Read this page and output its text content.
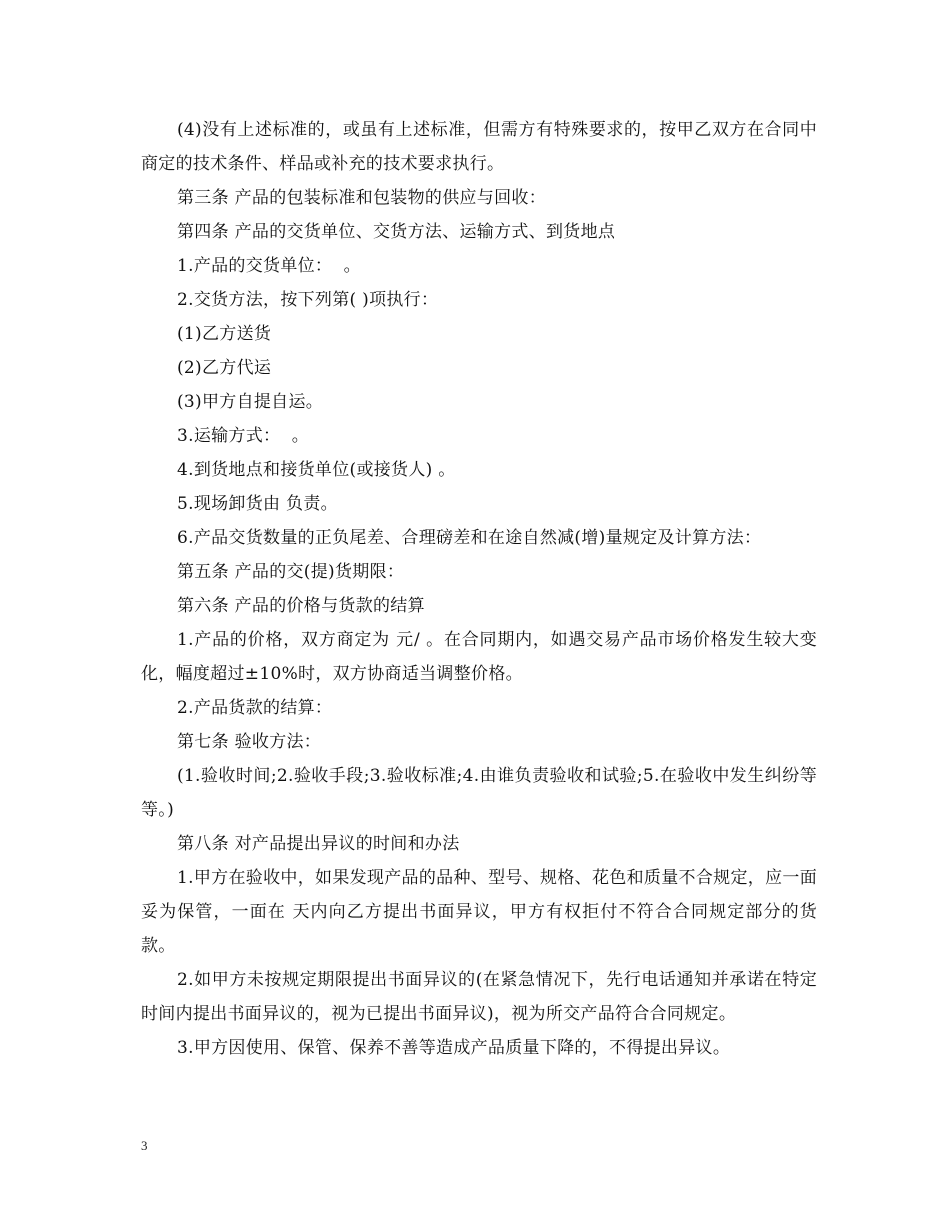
(4)没有上述标准的，或虽有上述标准，但需方有特殊要求的，按甲乙双方在合同中商定的技术条件、样品或补充的技术要求执行。

第三条 产品的包装标准和包装物的供应与回收：

第四条 产品的交货单位、交货方法、运输方式、到货地点

1.产品的交货单位：  。

2.交货方法，按下列第( )项执行：

(1)乙方送货

(2)乙方代运

(3)甲方自提自运。

3.运输方式：  。

4.到货地点和接货单位(或接货人) 。

5.现场卸货由 负责。

6.产品交货数量的正负尾差、合理磅差和在途自然减(增)量规定及计算方法：

第五条 产品的交(提)货期限：

第六条 产品的价格与货款的结算

1.产品的价格，双方商定为 元/ 。在合同期内，如遇交易产品市场价格发生较大变化，幅度超过±10%时，双方协商适当调整价格。

2.产品货款的结算：

第七条 验收方法：

(1.验收时间;2.验收手段;3.验收标准;4.由谁负责验收和试验;5.在验收中发生纠纷等等。)

第八条 对产品提出异议的时间和办法

1.甲方在验收中，如果发现产品的品种、型号、规格、花色和质量不合规定，应一面妥为保管，一面在 天内向乙方提出书面异议，甲方有权拒付不符合合同规定部分的货款。

2.如甲方未按规定期限提出书面异议的(在紧急情况下，先行电话通知并承诺在特定时间内提出书面异议的，视为已提出书面异议)，视为所交产品符合合同规定。

3.甲方因使用、保管、保养不善等造成产品质量下降的，不得提出异议。

3
